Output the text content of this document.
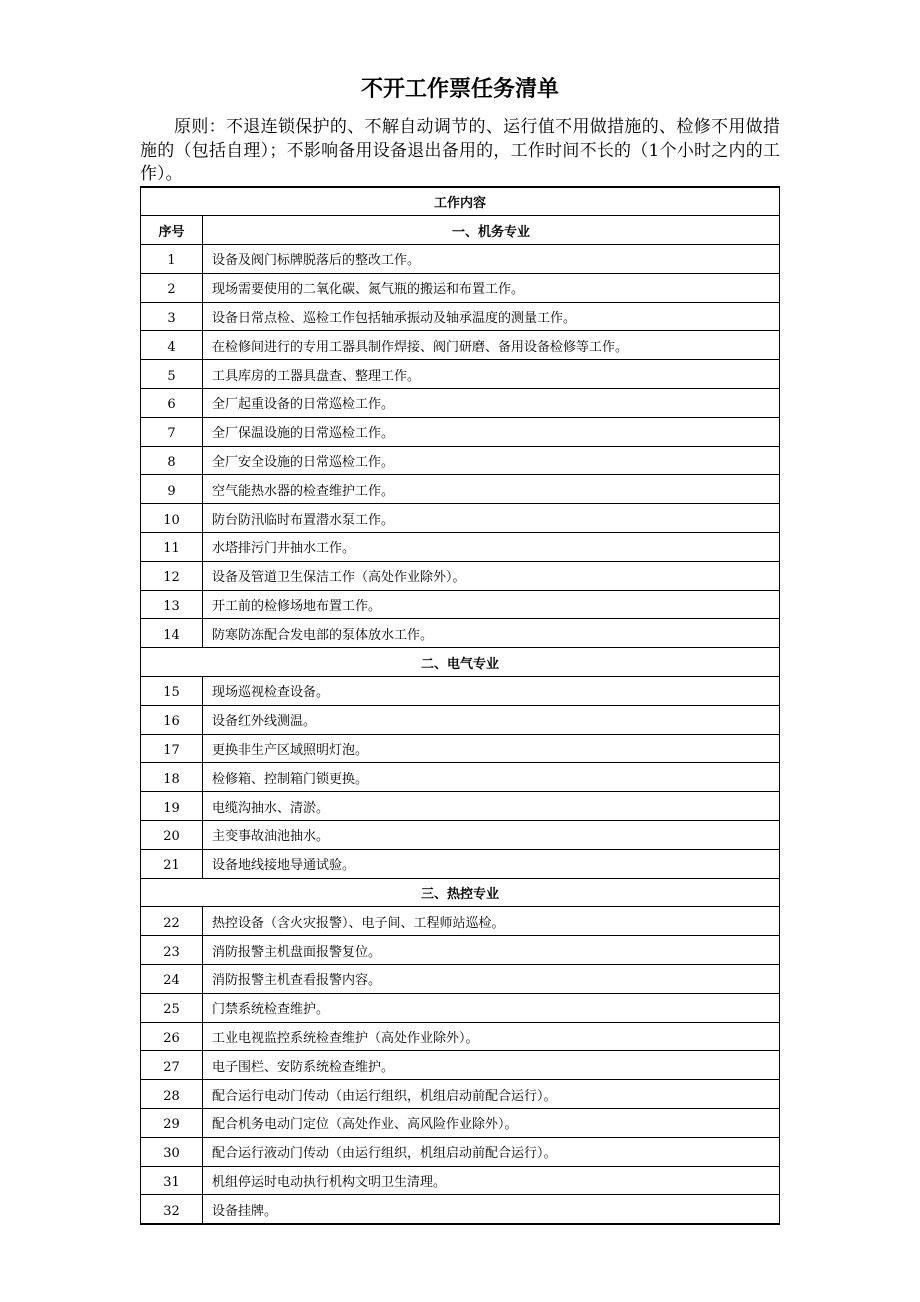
不开工作票任务清单
原则：不退连锁保护的、不解自动调节的、运行值不用做措施的、检修不用做措施的（包括自理）；不影响备用设备退出备用的，工作时间不长的（1个小时之内的工作）。
工作内容	
序号	一、机务专业
1	设备及阀门标牌脱落后的整改工作。
2	现场需要使用的二氧化碳、氮气瓶的搬运和布置工作。
3	设备日常点检、巡检工作包括轴承振动及轴承温度的测量工作。
4	在检修间进行的专用工器具制作焊接、阀门研磨、备用设备检修等工作。
5	工具库房的工器具盘查、整理工作。
6	全厂起重设备的日常巡检工作。
7	全厂保温设施的日常巡检工作。
8	全厂安全设施的日常巡检工作。
9	空气能热水器的检查维护工作。
10	防台防汛临时布置潜水泵工作。
11	水塔排污门井抽水工作。
12	设备及管道卫生保洁工作（高处作业除外）。
13	开工前的检修场地布置工作。
14	防寒防冻配合发电部的泵体放水工作。
二、电气专业	
15	现场巡视检查设备。
16	设备红外线测温。
17	更换非生产区域照明灯泡。
18	检修箱、控制箱门锁更换。
19	电缆沟抽水、清淤。
20	主变事故油池抽水。
21	设备地线接地导通试验。
三、热控专业	
22	热控设备（含火灾报警）、电子间、工程师站巡检。
23	消防报警主机盘面报警复位。
24	消防报警主机查看报警内容。
25	门禁系统检查维护。
26	工业电视监控系统检查维护（高处作业除外）。
27	电子围栏、安防系统检查维护。
28	配合运行电动门传动（由运行组织，机组启动前配合运行）。
29	配合机务电动门定位（高处作业、高风险作业除外）。
30	配合运行液动门传动（由运行组织，机组启动前配合运行）。
31	机组停运时电动执行机构文明卫生清理。
32	设备挂牌。
